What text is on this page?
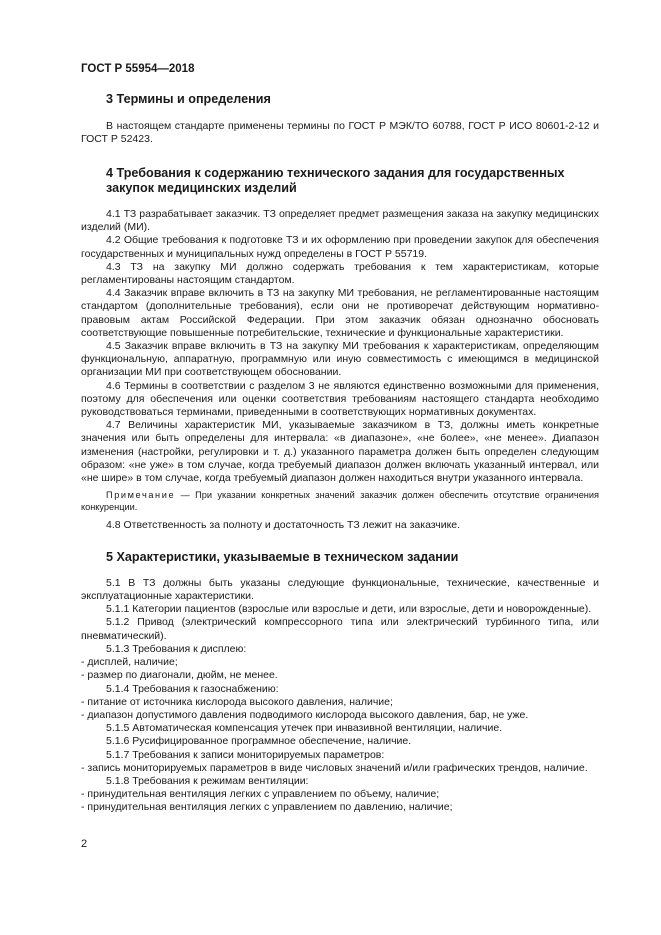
ГОСТ Р 55954—2018

3 Термины и определения

В настоящем стандарте применены термины по ГОСТ Р МЭК/ТО 60788, ГОСТ Р ИСО 80601-2-12 и ГОСТ Р 52423.

4 Требования к содержанию технического задания для государственных

закупок медицинских изделий

4.1 ТЗ разрабатывает заказчик. ТЗ определяет предмет размещения заказа на закупку медицинских изделий (МИ).

4.2 Общие требования к подготовке ТЗ и их оформлению при проведении закупок для обеспечения государственных и муниципальных нужд определены в ГОСТ Р 55719.

4.3 ТЗ на закупку МИ должно содержать требования к тем характеристикам, которые регламентированы настоящим стандартом.

4.4 Заказчик вправе включить в ТЗ на закупку МИ требования, не регламентированные настоящим стандартом (дополнительные требования), если они не противоречат действующим нормативно-правовым актам Российской Федерации. При этом заказчик обязан однозначно обосновать соответствующие повышенные потребительские, технические и функциональные характеристики.

4.5 Заказчик вправе включить в ТЗ на закупку МИ требования к характеристикам, определяющим функциональную, аппаратную, программную или иную совместимость с имеющимся в медицинской организации МИ при соответствующем обосновании.

4.6 Термины в соответствии с разделом 3 не являются единственно возможными для применения, поэтому для обеспечения или оценки соответствия требованиям настоящего стандарта необходимо руководствоваться терминами, приведенными в соответствующих нормативных документах.

4.7 Величины характеристик МИ, указываемые заказчиком в ТЗ, должны иметь конкретные значения или быть определены для интервала: «в диапазоне», «не более», «не менее». Диапазон изменения (настройки, регулировки и т. д.) указанного параметра должен быть определен следующим образом: «не уже» в том случае, когда требуемый диапазон должен включать указанный интервал, или «не шире» в том случае, когда требуемый диапазон должен находиться внутри указанного интервала.

Примечание — При указании конкретных значений заказчик должен обеспечить отсутствие ограничения конкуренции.

4.8 Ответственность за полноту и достаточность ТЗ лежит на заказчике.

5 Характеристики, указываемые в техническом задании

5.1 В ТЗ должны быть указаны следующие функциональные, технические, качественные и эксплуатационные характеристики.

5.1.1 Категории пациентов (взрослые или взрослые и дети, или взрослые, дети и новорожденные).

5.1.2 Привод (электрический компрессорного типа или электрический турбинного типа, или пневматический).

5.1.3 Требования к дисплею:

- дисплей, наличие;

- размер по диагонали, дюйм, не менее.

5.1.4 Требования к газоснабжению:

- питание от источника кислорода высокого давления, наличие;

- диапазон допустимого давления подводимого кислорода высокого давления, бар, не уже.

5.1.5 Автоматическая компенсация утечек при инвазивной вентиляции, наличие.

5.1.6 Русифицированное программное обеспечение, наличие.

5.1.7 Требования к записи мониторируемых параметров:

- запись мониторируемых параметров в виде числовых значений и/или графических трендов, наличие.

5.1.8 Требования к режимам вентиляции:

- принудительная вентиляция легких с управлением по объему, наличие;

- принудительная вентиляция легких с управлением по давлению, наличие;

2
